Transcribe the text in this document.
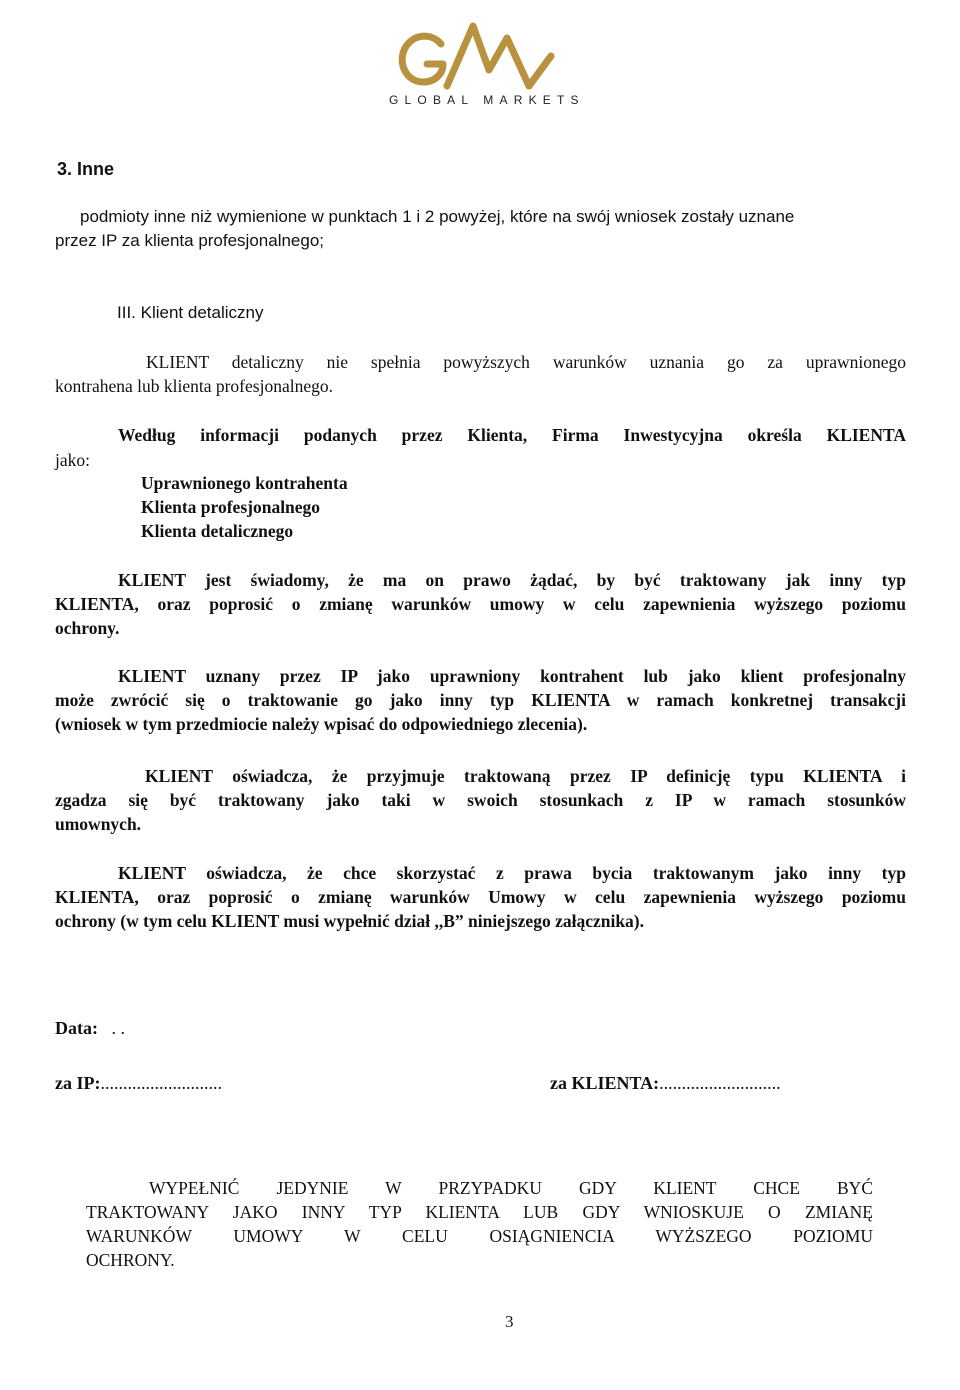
GLOBAL MARKETS
3. Inne
podmioty inne niż wymienione w punktach 1 i 2 powyżej, które na swój wniosek zostały uznane
przez IP za klienta profesjonalnego;
III. Klient detaliczny
KLIENT detaliczny nie spełnia powyższych warunków uznania go za uprawnionego
kontrahena lub klienta profesjonalnego.
Według informacji podanych przez Klienta, Firma Inwestycyjna określa KLIENTA
jako:
Uprawnionego kontrahenta
Klienta profesjonalnego
Klienta detalicznego
KLIENT jest świadomy, że ma on prawo żądać, by być traktowany jak inny typ
KLIENTA, oraz poprosić o zmianę warunków umowy w celu zapewnienia wyższego poziomu
ochrony.
KLIENT uznany przez IP jako uprawniony kontrahent lub jako klient profesjonalny
może zwrócić się o traktowanie go jako inny typ KLIENTA w ramach konkretnej transakcji
(wniosek w tym przedmiocie należy wpisać do odpowiedniego zlecenia).
KLIENT oświadcza, że przyjmuje traktowaną przez IP definicję typu KLIENTA i
zgadza się być traktowany jako taki w swoich stosunkach z IP w ramach stosunków
umownych.
KLIENT oświadcza, że chce skorzystać z prawa bycia traktowanym jako inny typ
KLIENTA, oraz poprosić o zmianę warunków Umowy w celu zapewnienia wyższego poziomu
ochrony (w tym celu KLIENT musi wypełnić dział ,,B” niniejszego załącznika).
Data: . .
za IP:...........................	za KLIENTA:...........................
WYPEŁNIĆ JEDYNIE W PRZYPADKU GDY KLIENT CHCE BYĆ
TRAKTOWANY JAKO INNY TYP KLIENTA LUB GDY WNIOSKUJE O ZMIANĘ
WARUNKÓW UMOWY W CELU OSIĄGNIENCIA WYŻSZEGO POZIOMU
OCHRONY.
3
